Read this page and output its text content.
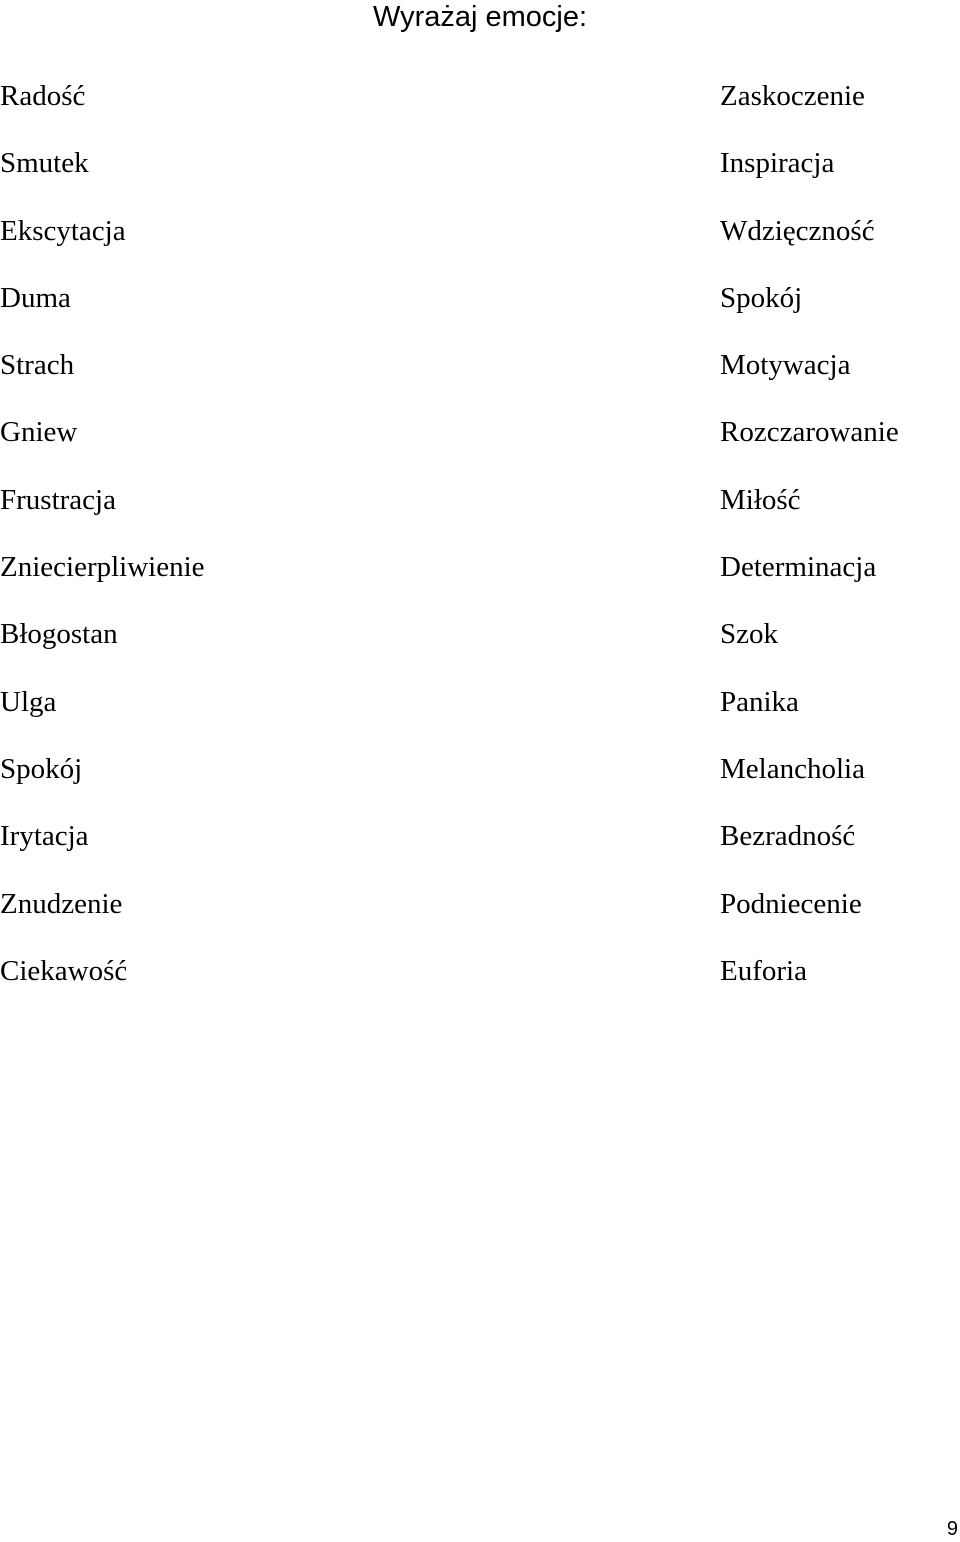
Wyrażaj emocje:
Radość
Smutek
Ekscytacja
Duma
Strach
Gniew
Frustracja
Zniecierpliwienie
Błogostan
Ulga
Spokój
Irytacja
Znudzenie
Ciekawość
Zaskoczenie
Inspiracja
Wdzięczność
Spokój
Motywacja
Rozczarowanie
Miłość
Determinacja
Szok
Panika
Melancholia
Bezradność
Podniecenie
Euforia
9
